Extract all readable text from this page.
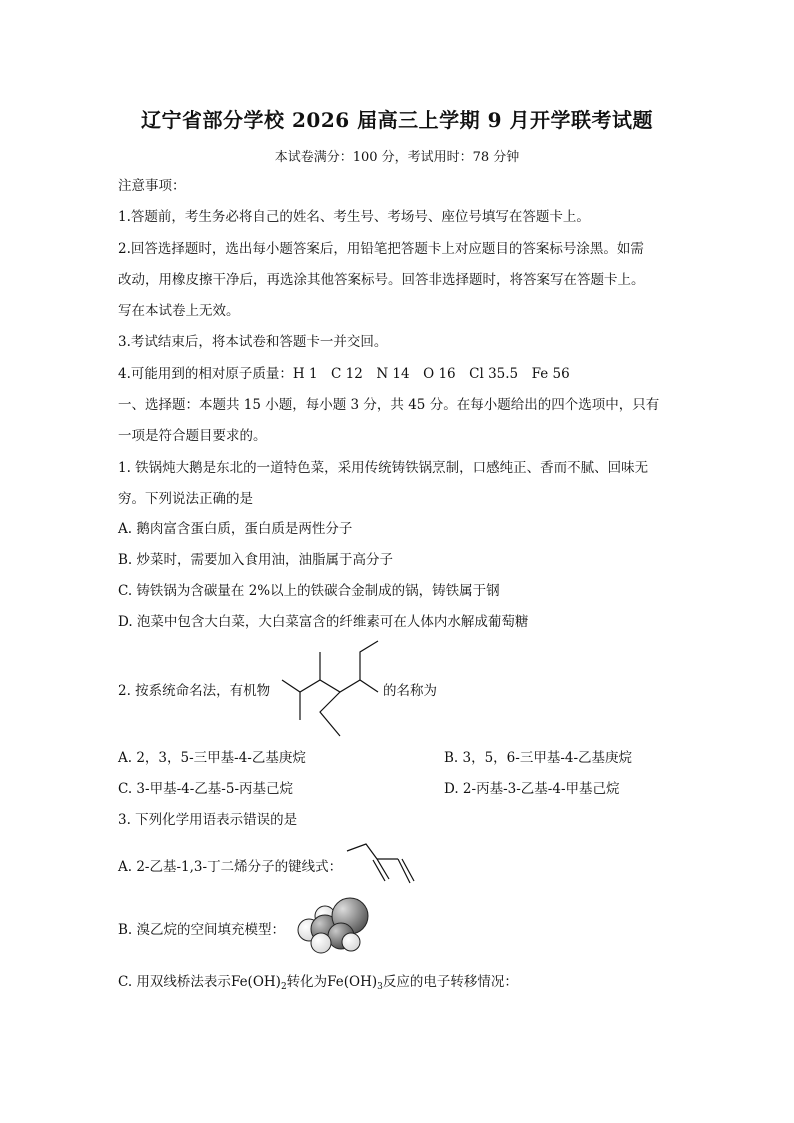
辽宁省部分学校 2026 届高三上学期 9 月开学联考试题
本试卷满分：100 分，考试用时：78 分钟
注意事项：
1.答题前，考生务必将自己的姓名、考生号、考场号、座位号填写在答题卡上。
2.回答选择题时，选出每小题答案后，用铅笔把答题卡上对应题目的答案标号涂黑。如需
改动，用橡皮擦干净后，再选涂其他答案标号。回答非选择题时，将答案写在答题卡上。
写在本试卷上无效。
3.考试结束后，将本试卷和答题卡一并交回。
4.可能用到的相对原子质量：H 1　C 12　N 14　O 16　Cl 35.5　Fe 56
一、选择题：本题共 15 小题，每小题 3 分，共 45 分。在每小题给出的四个选项中，只有
一项是符合题目要求的。
1. 铁锅炖大鹅是东北的一道特色菜，采用传统铸铁锅烹制，口感纯正、香而不腻、回味无
穷。下列说法正确的是
A. 鹅肉富含蛋白质，蛋白质是两性分子
B. 炒菜时，需要加入食用油，油脂属于高分子
C. 铸铁锅为含碳量在 2%以上的铁碳合金制成的锅，铸铁属于钢
D. 泡菜中包含大白菜，大白菜富含的纤维素可在人体内水解成葡萄糖
2. 按系统命名法，有机物	的名称为
A. 2，3，5-三甲基-4-乙基庚烷	B. 3，5，6-三甲基-4-乙基庚烷
C. 3-甲基-4-乙基-5-丙基己烷	D. 2-丙基-3-乙基-4-甲基己烷
3. 下列化学用语表示错误的是
A. 2-乙基-1,3-丁二烯分子的键线式：
B. 溴乙烷的空间填充模型：
C. 用双线桥法表示$Fe(OH)_2$转化为$Fe(OH)_3$反应的电子转移情况：
